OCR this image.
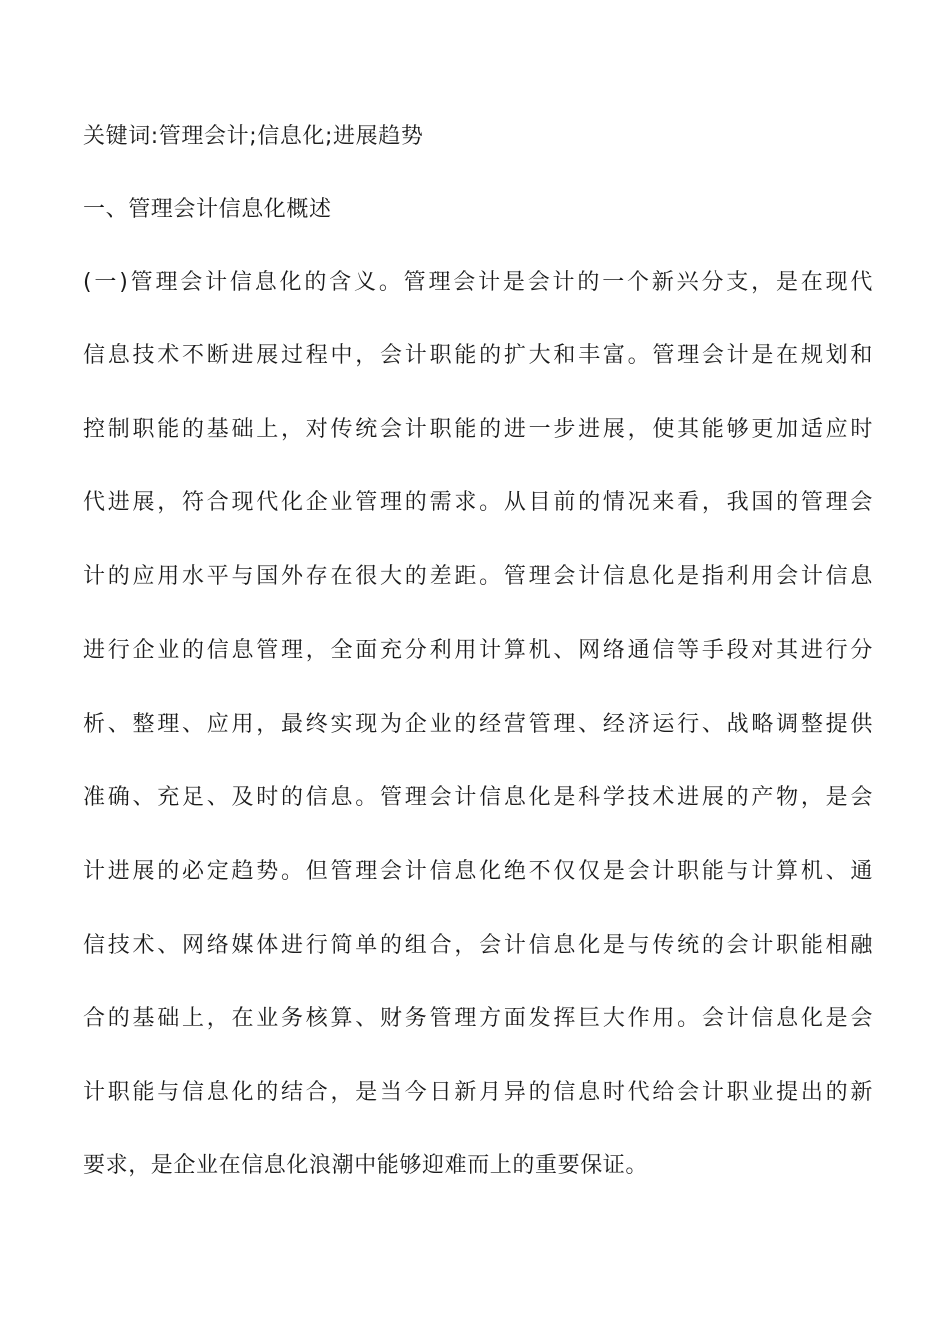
关键词:管理会计;信息化;进展趋势
一、管理会计信息化概述
(一)管理会计信息化的含义。管理会计是会计的一个新兴分支，是在现代
信息技术不断进展过程中，会计职能的扩大和丰富。管理会计是在规划和
控制职能的基础上，对传统会计职能的进一步进展，使其能够更加适应时
代进展，符合现代化企业管理的需求。从目前的情况来看，我国的管理会
计的应用水平与国外存在很大的差距。管理会计信息化是指利用会计信息
进行企业的信息管理，全面充分利用计算机、网络通信等手段对其进行分
析、整理、应用，最终实现为企业的经营管理、经济运行、战略调整提供
准确、充足、及时的信息。管理会计信息化是科学技术进展的产物，是会
计进展的必定趋势。但管理会计信息化绝不仅仅是会计职能与计算机、通
信技术、网络媒体进行简单的组合，会计信息化是与传统的会计职能相融
合的基础上，在业务核算、财务管理方面发挥巨大作用。会计信息化是会
计职能与信息化的结合，是当今日新月异的信息时代给会计职业提出的新
要求，是企业在信息化浪潮中能够迎难而上的重要保证。
